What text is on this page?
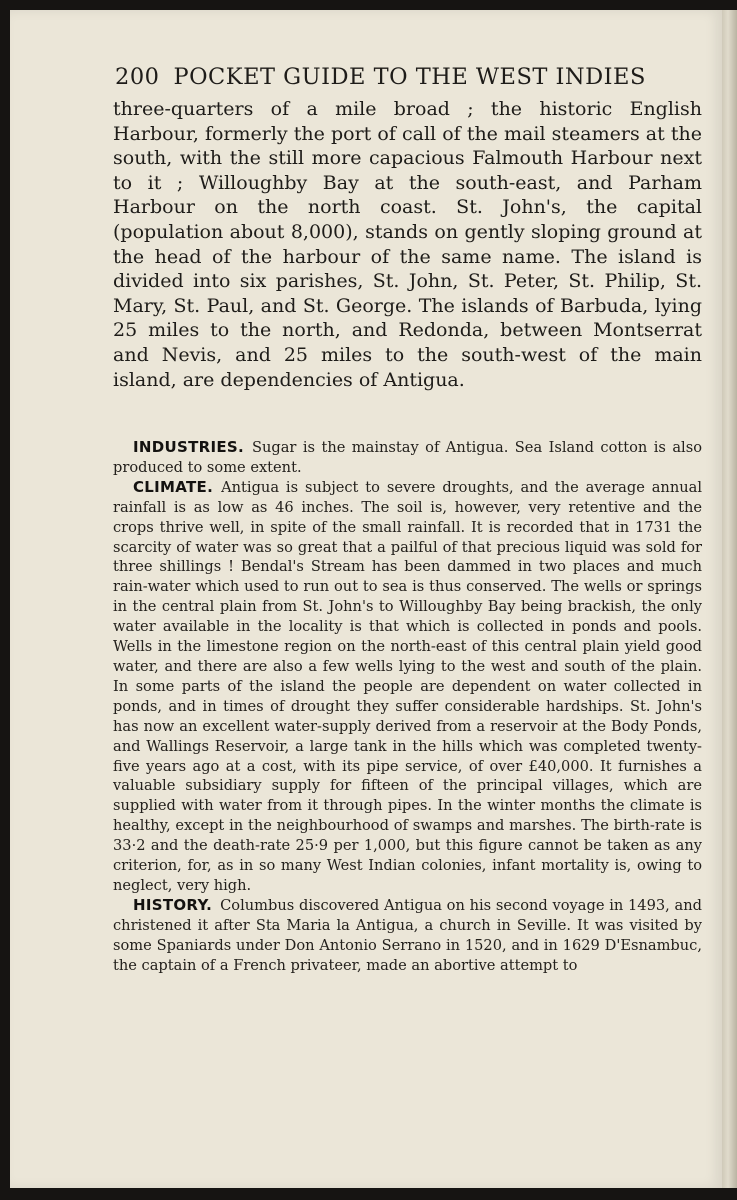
200 POCKET GUIDE TO THE WEST INDIES
three-quarters of a mile broad ; the historic English Harbour, formerly the port of call of the mail steamers at the south, with the still more capacious Falmouth Harbour next to it ; Willoughby Bay at the south-east, and Parham Harbour on the north coast. St. John's, the capital (population about 8,000), stands on gently sloping ground at the head of the harbour of the same name. The island is divided into six parishes, St. John, St. Peter, St. Philip, St. Mary, St. Paul, and St. George. The islands of Barbuda, lying 25 miles to the north, and Redonda, between Montserrat and Nevis, and 25 miles to the south-west of the main island, are dependencies of Antigua.

INDUSTRIES. Sugar is the mainstay of Antigua. Sea Island cotton is also produced to some extent.

CLIMATE. Antigua is subject to severe droughts, and the average annual rainfall is as low as 46 inches. The soil is, however, very retentive and the crops thrive well, in spite of the small rainfall. It is recorded that in 1731 the scarcity of water was so great that a pailful of that precious liquid was sold for three shillings ! Bendal's Stream has been dammed in two places and much rain-water which used to run out to sea is thus conserved. The wells or springs in the central plain from St. John's to Willoughby Bay being brackish, the only water available in the locality is that which is collected in ponds and pools. Wells in the limestone region on the north-east of this central plain yield good water, and there are also a few wells lying to the west and south of the plain. In some parts of the island the people are dependent on water collected in ponds, and in times of drought they suffer considerable hardships. St. John's has now an excellent water-supply derived from a reservoir at the Body Ponds, and Wallings Reservoir, a large tank in the hills which was completed twenty-five years ago at a cost, with its pipe service, of over £40,000. It furnishes a valuable subsidiary supply for fifteen of the principal villages, which are supplied with water from it through pipes. In the winter months the climate is healthy, except in the neighbourhood of swamps and marshes. The birth-rate is 33·2 and the death-rate 25·9 per 1,000, but this figure cannot be taken as any criterion, for, as in so many West Indian colonies, infant mortality is, owing to neglect, very high.

HISTORY. Columbus discovered Antigua on his second voyage in 1493, and christened it after Sta Maria la Antigua, a church in Seville. It was visited by some Spaniards under Don Antonio Serrano in 1520, and in 1629 D'Esnambuc, the captain of a French privateer, made an abortive attempt to
